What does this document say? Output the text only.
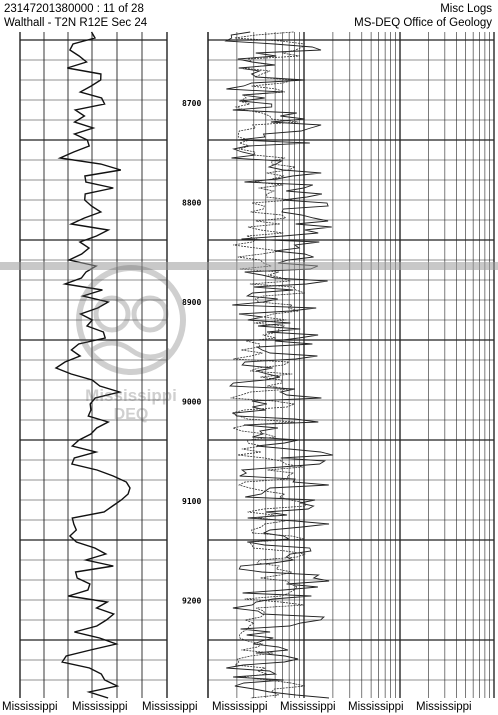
8700
8800
8900
9000
9100
9200
Mississippi
DEQ
23147201380000 : 11 of 28
Walthall - T2N R12E Sec 24
Misc Logs
MS-DEQ Office of Geology
Mississippi Mississippi Mississippi Mississippi Mississippi Mississippi Mississippi
